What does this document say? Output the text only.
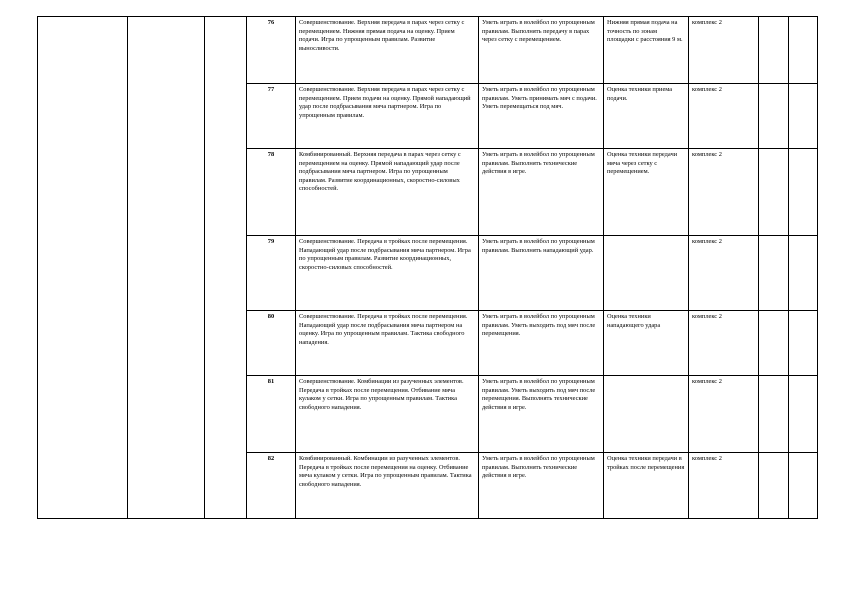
			76	Совершенствование. Верхняя передача в парах через сетку с перемещением. Нижняя прямая подача на оценку. Прием подачи. Игра по упрощенным правилам. Развитие выносливости.	Уметь играть в волейбол по упрощенным правилам. Выполнять передачу в парах через сетку с перемещением.	Нижняя прямая подача на точность по зонам площадки с расстояния 9 м.	комплекс 2		
			77	Совершенствование. Верхняя передача в парах через сетку с перемещением. Прием подачи на оценку. Прямой нападающий удар после подбрасывания мяча партнером. Игра по упрощенным правилам.	Уметь играть в волейбол по упрощенным правилам. Уметь принимать мяч с подачи. Уметь перемещаться под мяч.	Оценка техники приема подачи.	комплекс 2		
			78	Комбинированный. Верхняя передача в парах через сетку с перемещением на оценку. Прямой нападающий удар после подбрасывания мяча партнером. Игра по упрощенным правилам. Развитие координационных, скоростно-силовых способностей.	Уметь играть в волейбол по упрощенным правилам. Выполнять технические действия в игре.	Оценка техники передачи мяча через сетку с перемещением.	комплекс 2		
			79	Совершенствование. Передача в тройках после перемещения. Нападающий удар после подбрасывания мяча партнером. Игра по упрощенным правилам. Развитие координационных, скоростно-силовых способностей.	Уметь играть в волейбол по упрощенным правилам. Выполнять нападающий удар.		комплекс 2		
			80	Совершенствование. Передача в тройках после перемещения. Нападающий удар после подбрасывания мяча партнером на оценку. Игра по упрощенным правилам. Тактика свободного нападения.	Уметь играть в волейбол по упрощенным правилам. Уметь выходить под мяч после перемещения.	Оценка техники нападающего удара	комплекс 2		
			81	Совершенствование. Комбинации из разученных элементов. Передача в тройках после перемещения. Отбивание мяча кулаком у сетки. Игра по упрощенным правилам. Тактика свободного нападения.	Уметь играть в волейбол по упрощенным правилам. Уметь выходить под мяч после перемещения. Выполнять технические действия в игре.		комплекс 2		
			82	Комбинированный. Комбинации из разученных элементов. Передача в тройках после перемещения на оценку. Отбивание мяча кулаком у сетки. Игра по упрощенным правилам. Тактика свободного нападения.	Уметь играть в волейбол по упрощенным правилам. Выполнять технические действия в игре.	Оценка техники передачи в тройках после перемещения	комплекс 2		
